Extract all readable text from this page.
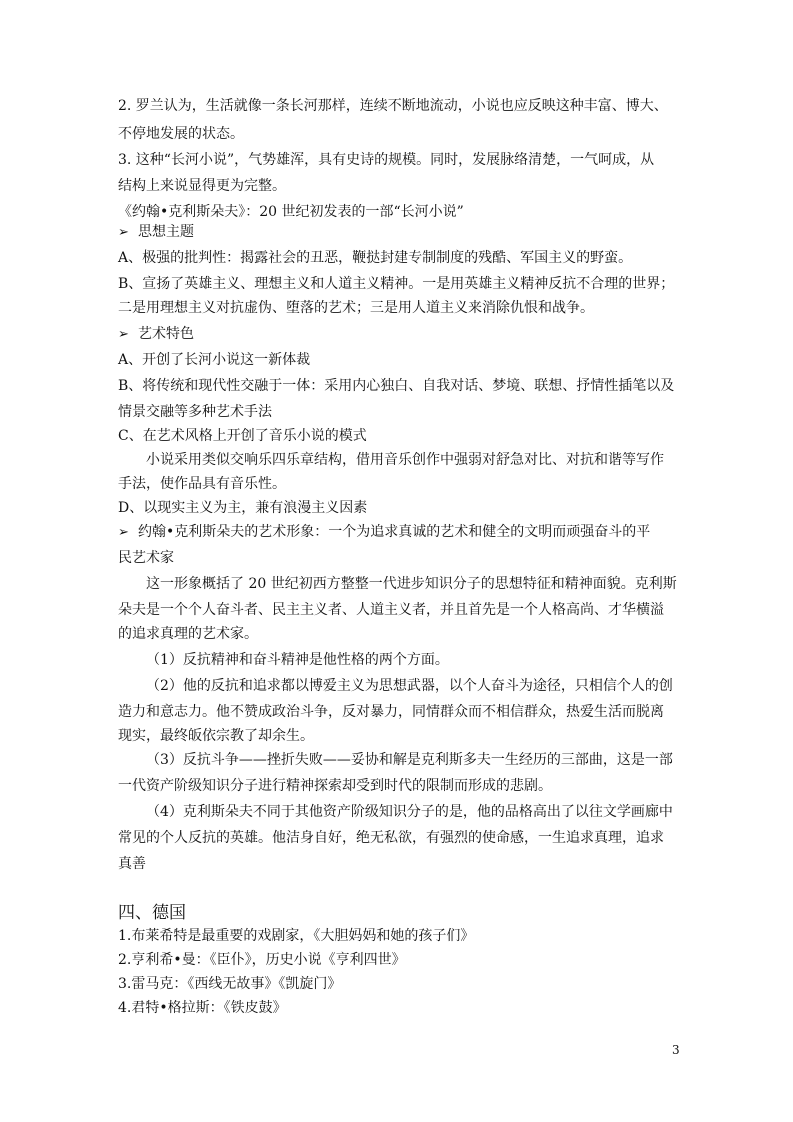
2. 罗兰认为，生活就像一条长河那样，连续不断地流动，小说也应反映这种丰富、博大、
不停地发展的状态。
3. 这种“长河小说”，气势雄浑，具有史诗的规模。同时，发展脉络清楚，一气呵成，从
结构上来说显得更为完整。
《约翰•克利斯朵夫》：20 世纪初发表的一部“长河小说”
➢ 思想主题
A、极强的批判性：揭露社会的丑恶，鞭挞封建专制制度的残酷、军国主义的野蛮。
B、宣扬了英雄主义、理想主义和人道主义精神。一是用英雄主义精神反抗不合理的世界；
二是用理想主义对抗虚伪、堕落的艺术；三是用人道主义来消除仇恨和战争。
➢ 艺术特色
A、开创了长河小说这一新体裁
B、将传统和现代性交融于一体：采用内心独白、自我对话、梦境、联想、抒情性插笔以及
情景交融等多种艺术手法
C、在艺术风格上开创了音乐小说的模式
小说采用类似交响乐四乐章结构，借用音乐创作中强弱对舒急对比、对抗和谐等写作
手法，使作品具有音乐性。
D、以现实主义为主，兼有浪漫主义因素
➢ 约翰•克利斯朵夫的艺术形象：一个为追求真诚的艺术和健全的文明而顽强奋斗的平
民艺术家
这一形象概括了 20 世纪初西方整整一代进步知识分子的思想特征和精神面貌。克利斯
朵夫是一个个人奋斗者、民主主义者、人道主义者，并且首先是一个人格高尚、才华横溢
的追求真理的艺术家。
（1）反抗精神和奋斗精神是他性格的两个方面。
（2）他的反抗和追求都以博爱主义为思想武器，以个人奋斗为途径，只相信个人的创
造力和意志力。他不赞成政治斗争，反对暴力，同情群众而不相信群众，热爱生活而脱离
现实，最终皈依宗教了却余生。
（3）反抗斗争——挫折失败——妥协和解是克利斯多夫一生经历的三部曲，这是一部
一代资产阶级知识分子进行精神探索却受到时代的限制而形成的悲剧。
（4）克利斯朵夫不同于其他资产阶级知识分子的是，他的品格高出了以往文学画廊中
常见的个人反抗的英雄。他洁身自好，绝无私欲，有强烈的使命感，一生追求真理，追求
真善
四、德国
1.布莱希特是最重要的戏剧家，《大胆妈妈和她的孩子们》
2.亨利希•曼：《臣仆》，历史小说《亨利四世》
3.雷马克：《西线无故事》《凯旋门》
4.君特•格拉斯：《铁皮鼓》
3
